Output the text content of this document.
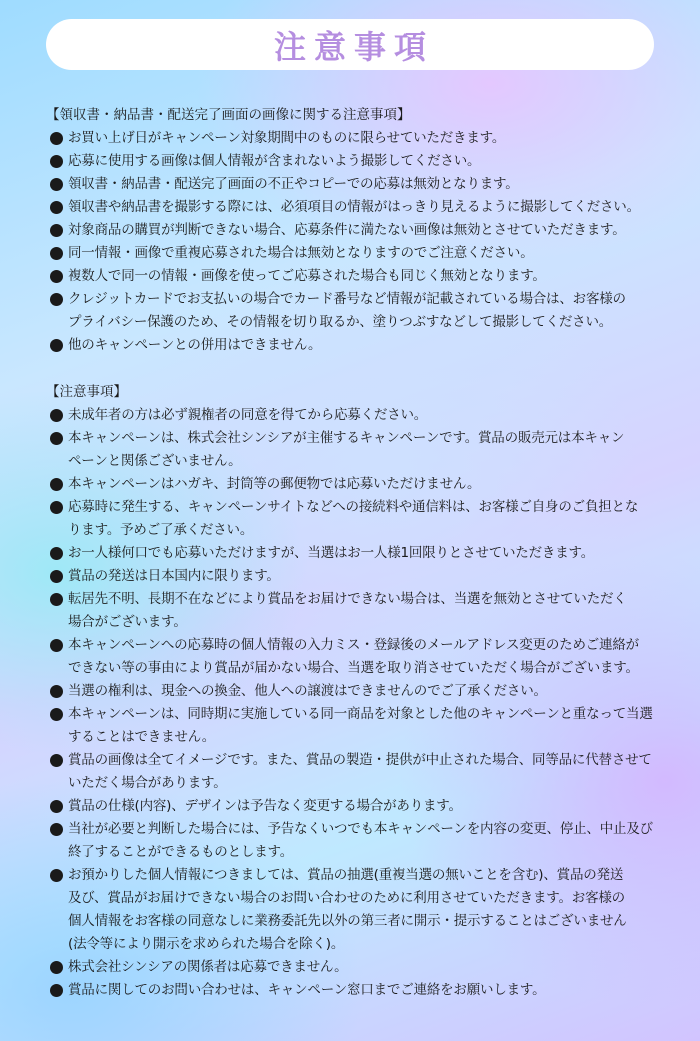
注意事項
【領収書・納品書・配送完了画面の画像に関する注意事項】
お買い上げ日がキャンペーン対象期間中のものに限らせていただきます。
応募に使用する画像は個人情報が含まれないよう撮影してください。
領収書・納品書・配送完了画面の不正やコピーでの応募は無効となります。
領収書や納品書を撮影する際には、必須項目の情報がはっきり見えるように撮影してください。
対象商品の購買が判断できない場合、応募条件に満たない画像は無効とさせていただきます。
同一情報・画像で重複応募された場合は無効となりますのでご注意ください。
複数人で同一の情報・画像を使ってご応募された場合も同じく無効となります。
クレジットカードでお支払いの場合でカード番号など情報が記載されている場合は、お客様の
プライバシー保護のため、その情報を切り取るか、塗りつぶすなどして撮影してください。
他のキャンペーンとの併用はできません。
【注意事項】
未成年者の方は必ず親権者の同意を得てから応募ください。
本キャンペーンは、株式会社シンシアが主催するキャンペーンです。賞品の販売元は本キャン
ペーンと関係ございません。
本キャンペーンはハガキ、封筒等の郵便物では応募いただけません。
応募時に発生する、キャンペーンサイトなどへの接続料や通信料は、お客様ご自身のご負担とな
ります。予めご了承ください。
お一人様何口でも応募いただけますが、当選はお一人様1回限りとさせていただきます。
賞品の発送は日本国内に限ります。
転居先不明、長期不在などにより賞品をお届けできない場合は、当選を無効とさせていただく
場合がございます。
本キャンペーンへの応募時の個人情報の入力ミス・登録後のメールアドレス変更のためご連絡が
できない等の事由により賞品が届かない場合、当選を取り消させていただく場合がございます。
当選の権利は、現金への換金、他人への譲渡はできませんのでご了承ください。
本キャンペーンは、同時期に実施している同一商品を対象とした他のキャンペーンと重なって当選
することはできません。
賞品の画像は全てイメージです。また、賞品の製造・提供が中止された場合、同等品に代替させて
いただく場合があります。
賞品の仕様(内容)、デザインは予告なく変更する場合があります。
当社が必要と判断した場合には、予告なくいつでも本キャンペーンを内容の変更、停止、中止及び
終了することができるものとします。
お預かりした個人情報につきましては、賞品の抽選(重複当選の無いことを含む)、賞品の発送
及び、賞品がお届けできない場合のお問い合わせのために利用させていただきます。お客様の
個人情報をお客様の同意なしに業務委託先以外の第三者に開示・提示することはございません
(法令等により開示を求められた場合を除く)。
株式会社シンシアの関係者は応募できません。
賞品に関してのお問い合わせは、キャンペーン窓口までご連絡をお願いします。
